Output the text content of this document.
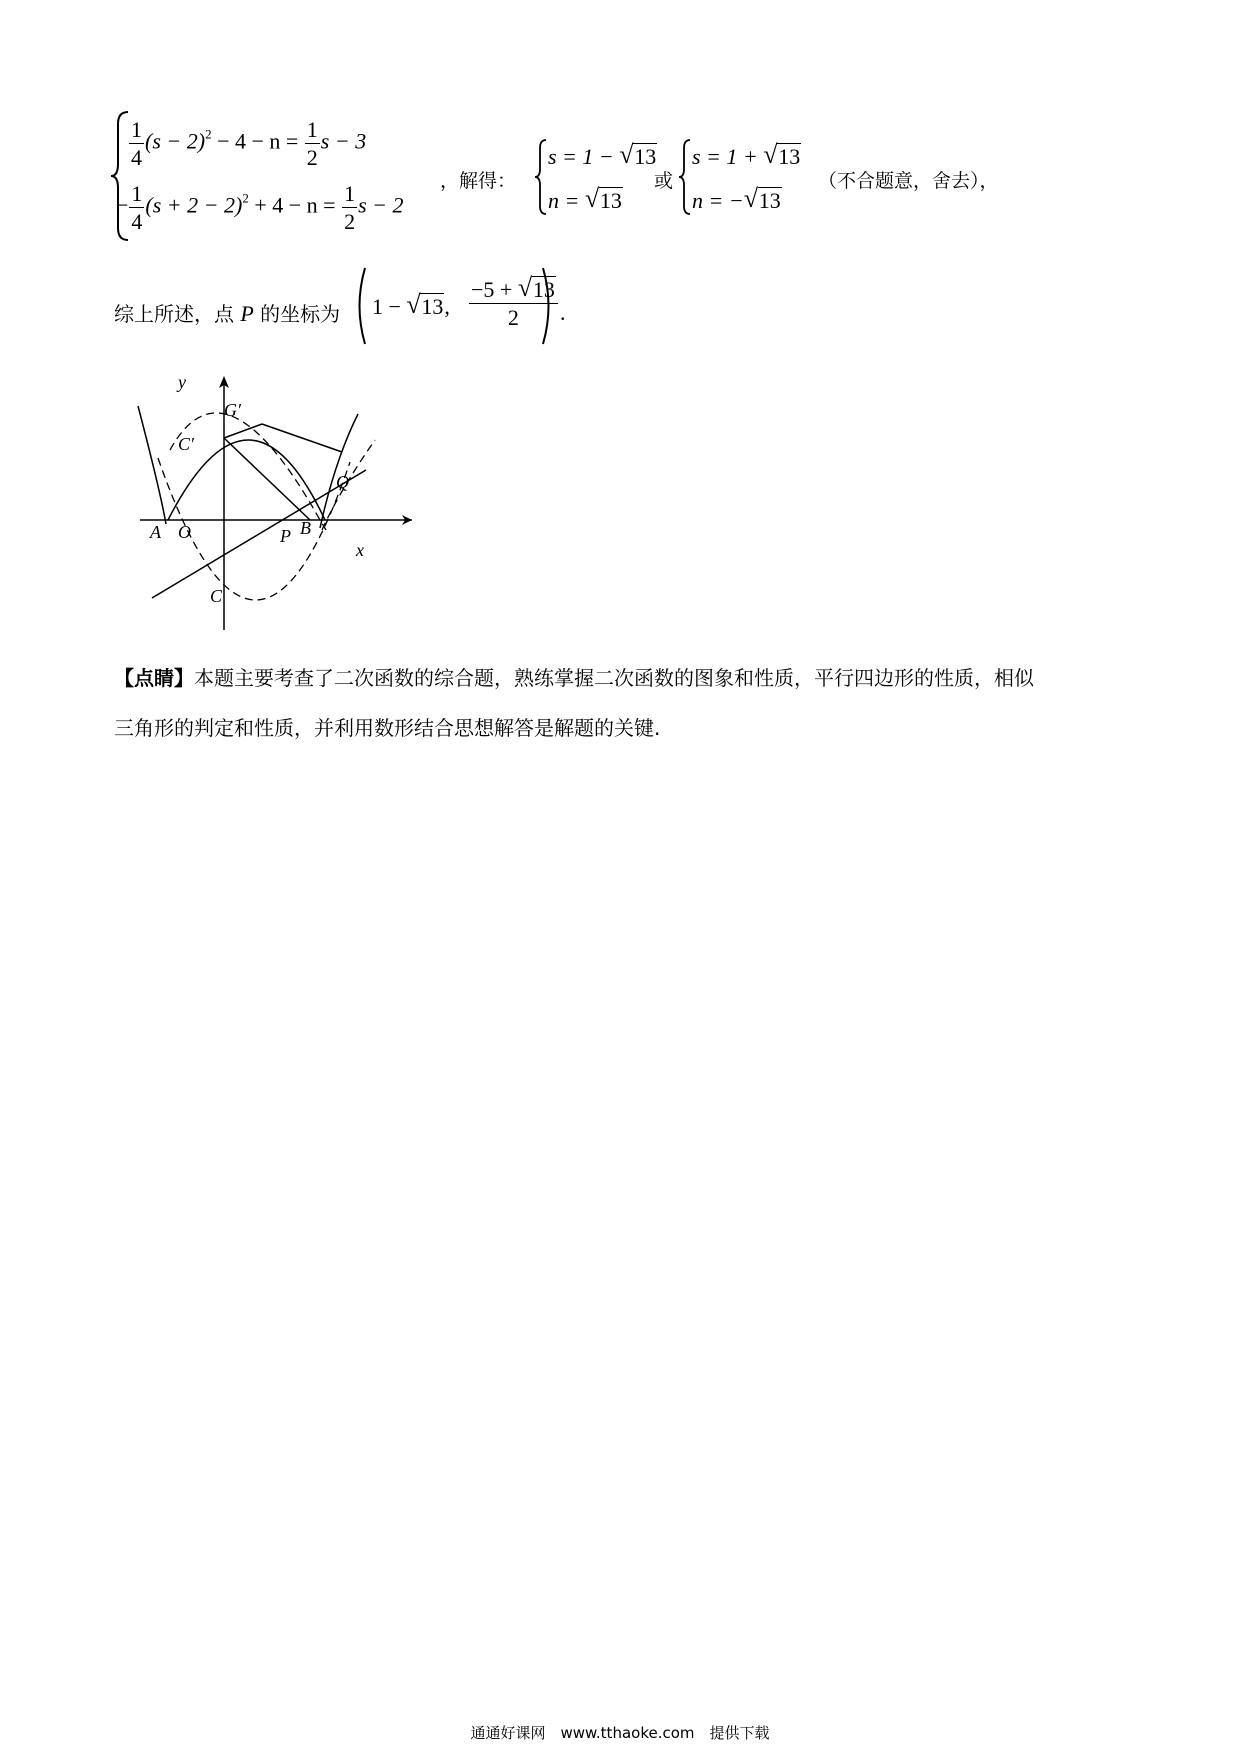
$\frac{1}{4} (s - 2)^2 - 4 - n = \frac{1}{2}$ s − 3
− $\frac{1}{4} (s + 2 - 2)^2 + 4 - n = \frac{1}{2}$ s − 2
，解得：
s = 1 − √ 13
n = √ 13
或
s = 1 + √ 13
n = − √ 13
（不合题意，舍去），
综上所述，点 P 的坐标为 1 − √ 13, $\frac{-5 + √ 13}{2}$ .
y
x
G′
C′
Q
A O	P B
C
【点睛】本题主要考查了二次函数的综合题，熟练掌握二次函数的图象和性质，平行四边形的性质，相似
三角形的判定和性质，并利用数形结合思想解答是解题的关键.
通通好课网　www.tthaoke.com　提供下载
